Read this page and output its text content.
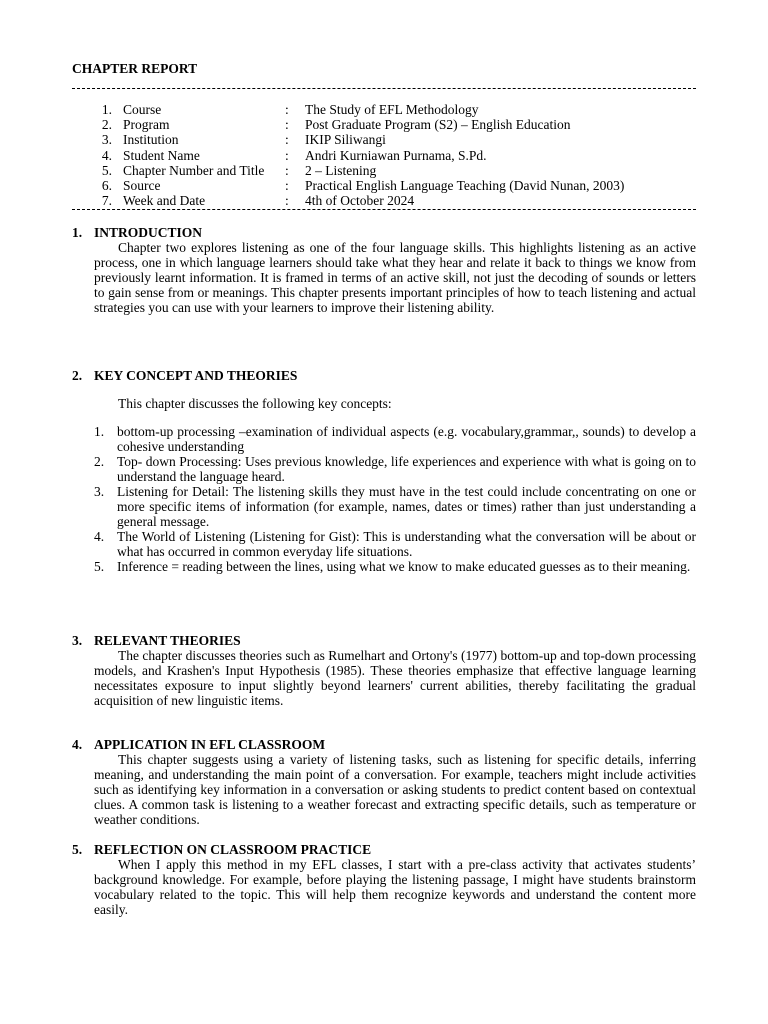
CHAPTER REPORT
1. Course	: The Study of EFL Methodology
2. Program	: Post Graduate Program (S2) – English Education
3. Institution	: IKIP Siliwangi
4. Student Name	: Andri Kurniawan Purnama, S.Pd.
5. Chapter Number and Title : 2 – Listening
6. Source	: Practical English Language Teaching (David Nunan, 2003)
7. Week and Date	: 4th of October 2024
1. INTRODUCTION

Chapter two explores listening as one of the four language skills. This highlights listening as an active process, one in which language learners should take what they hear and relate it back to things we know from previously learnt information. It is framed in terms of an active skill, not just the decoding of sounds or letters to gain sense from or meanings. This chapter presents important principles of how to teach listening and actual strategies you can use with your learners to improve their listening ability.

2. KEY CONCEPT AND THEORIES
This chapter discusses the following key concepts:
1. bottom-up processing –examination of individual aspects (e.g. vocabulary,grammar,, sounds) to develop a cohesive understanding
2. Top- down Processing: Uses previous knowledge, life experiences and experience with what is going on to understand the language heard.
3. Listening for Detail: The listening skills they must have in the test could include concentrating on one or more specific items of information (for example, names, dates or times) rather than just understanding a general message.
4. The World of Listening (Listening for Gist): This is understanding what the conversation will be about or what has occurred in common everyday life situations.
5. Inference = reading between the lines, using what we know to make educated guesses as to their meaning.
3. RELEVANT THEORIES

The chapter discusses theories such as Rumelhart and Ortony's (1977) bottom-up and top-down processing models, and Krashen's Input Hypothesis (1985). These theories emphasize that effective language learning necessitates exposure to input slightly beyond learners' current abilities, thereby facilitating the gradual acquisition of new linguistic items.

4. APPLICATION IN EFL CLASSROOM

This chapter suggests using a variety of listening tasks, such as listening for specific details, inferring meaning, and understanding the main point of a conversation. For example, teachers might include activities such as identifying key information in a conversation or asking students to predict content based on contextual clues. A common task is listening to a weather forecast and extracting specific details, such as temperature or weather conditions.

5. REFLECTION ON CLASSROOM PRACTICE

When I apply this method in my EFL classes, I start with a pre-class activity that activates students’ background knowledge. For example, before playing the listening passage, I might have students brainstorm vocabulary related to the topic. This will help them recognize keywords and understand the content more easily.
